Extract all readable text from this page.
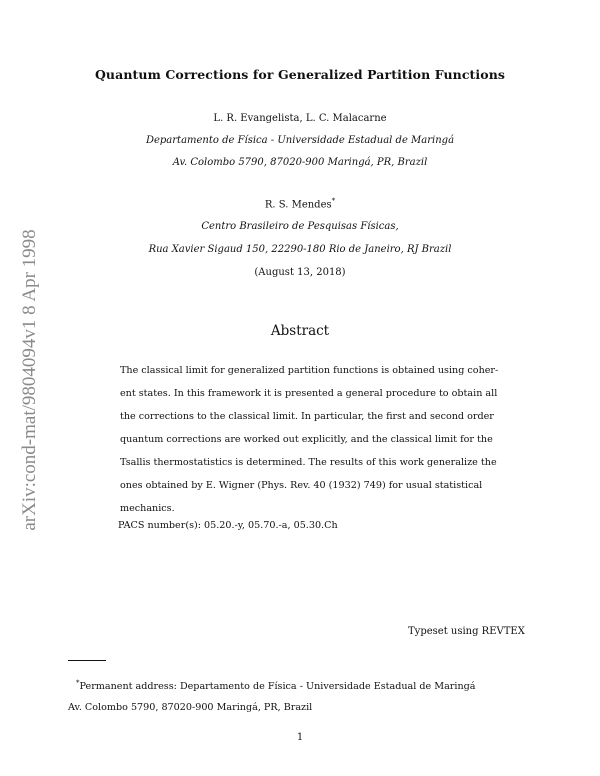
arXiv:cond-mat/9804094v1 8 Apr 1998
Quantum Corrections for Generalized Partition Functions
L. R. Evangelista, L. C. Malacarne
Departamento de Física - Universidade Estadual de Maringá
Av. Colombo 5790, 87020-900 Maringá, PR, Brazil
R. S. Mendes*
Centro Brasileiro de Pesquisas Físicas,
Rua Xavier Sigaud 150, 22290-180 Rio de Janeiro, RJ Brazil
(August 13, 2018)
Abstract
The classical limit for generalized partition functions is obtained using coher-
ent states. In this framework it is presented a general procedure to obtain all
the corrections to the classical limit. In particular, the first and second order
quantum corrections are worked out explicitly, and the classical limit for the
Tsallis thermostatistics is determined. The results of this work generalize the
ones obtained by E. Wigner (Phys. Rev. 40 (1932) 749) for usual statistical
mechanics.
PACS number(s): 05.20.-y, 05.70.-a, 05.30.Ch
Typeset using REVTEX
*Permanent address: Departamento de Física - Universidade Estadual de Maringá
Av. Colombo 5790, 87020-900 Maringá, PR, Brazil
1
